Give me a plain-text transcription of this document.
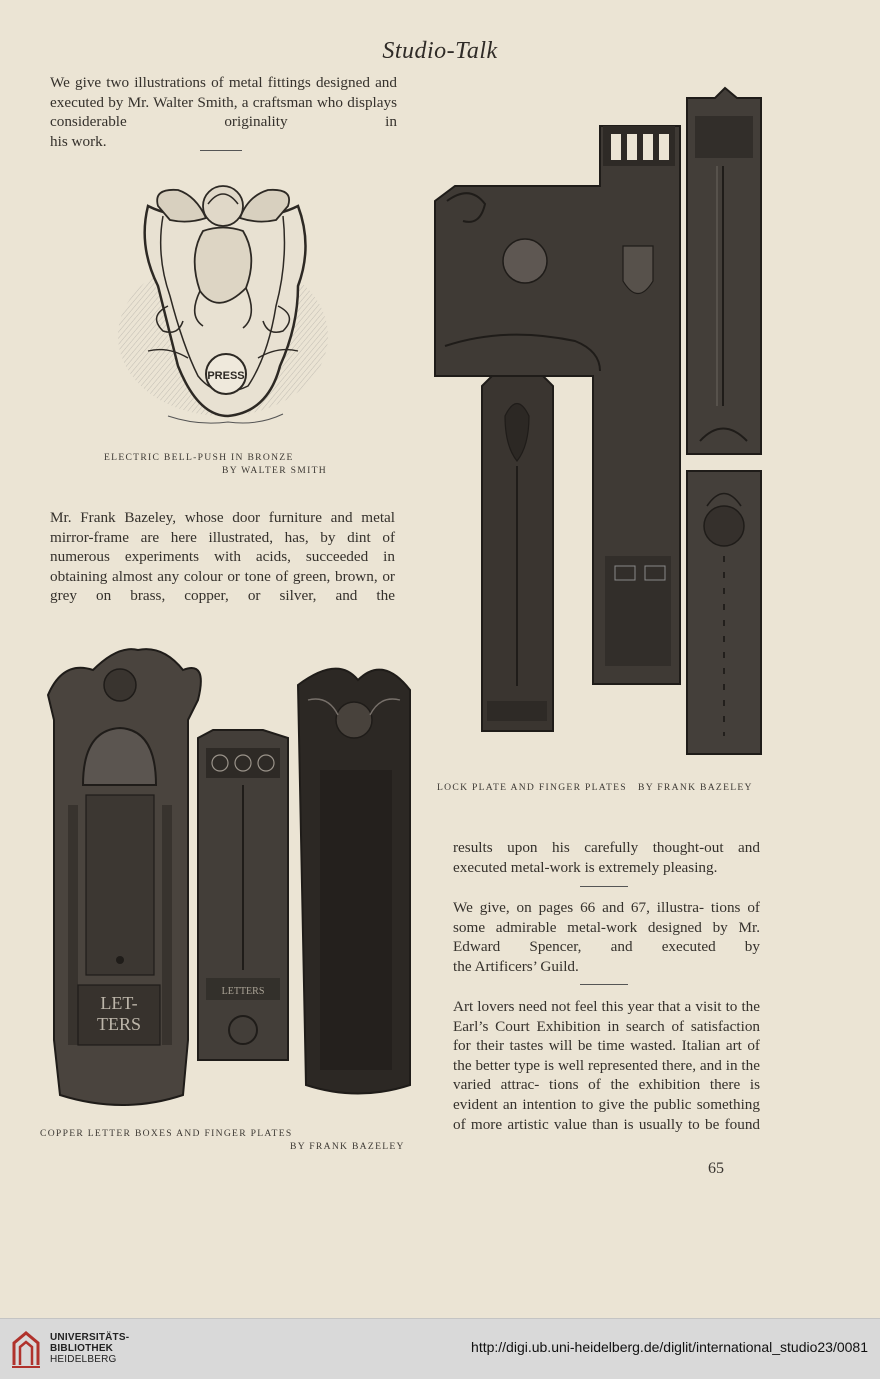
Studio-Talk
We give two illustrations of metal fittings designed and executed by Mr. Walter Smith, a craftsman who displays considerable originality in
his work.
PRESS
ELECTRIC BELL-PUSH IN BRONZE
BY WALTER SMITH
Mr. Frank Bazeley, whose door furniture and metal mirror-frame are here illustrated, has, by dint of numerous experiments with acids, succeeded in obtaining almost any colour or tone of green, brown, or grey on brass, copper, or silver, and the
LOCK PLATE AND FINGER PLATES   BY FRANK BAZELEY
LET-
TERS
LETTERS
COPPER LETTER BOXES AND FINGER PLATES
BY FRANK BAZELEY
results upon his carefully thought-out and
executed metal-work is extremely pleasing.
We give, on pages 66 and 67, illustra- tions of some admirable metal-work designed by Mr. Edward Spencer, and executed by
the Artificers’ Guild.
Art lovers need not feel this year that a visit to the Earl’s Court Exhibition in search of satisfaction for their tastes will be time wasted. Italian art of the better type is well represented there, and in the varied attrac- tions of the exhibition there is evident an intention to give the public something of more artistic value than is usually to be found
65
UNIVERSITÄTS-
BIBLIOTHEK
HEIDELBERG
http://digi.ub.uni-heidelberg.de/diglit/international_studio23/0081
